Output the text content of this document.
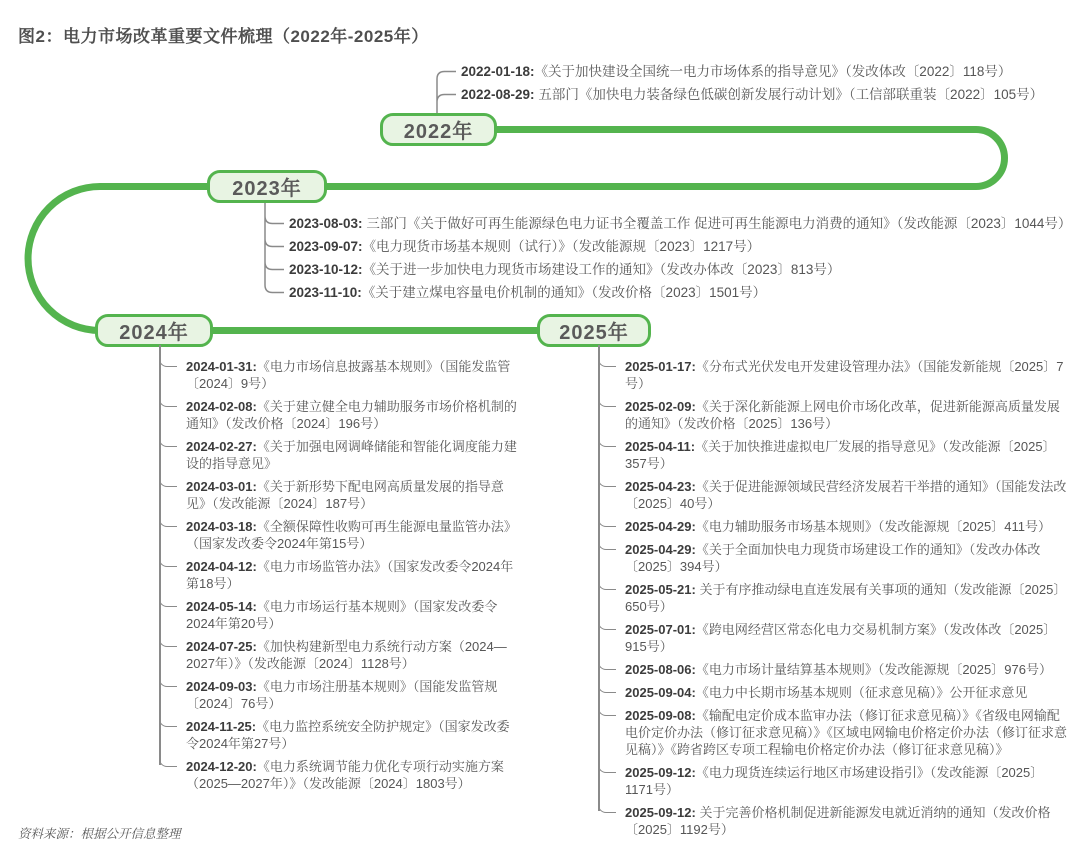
图2：电力市场改革重要文件梳理（2022年-2025年）
2022年
2023年
2024年	2025年
2022-01-18:《关于加快建设全国统一电力市场体系的指导意见》（发改体改〔2022〕118号）
2022-08-29: 五部门《加快电力装备绿色低碳创新发展行动计划》（工信部联重装〔2022〕105号）
2023-08-03: 三部门《关于做好可再生能源绿色电力证书全覆盖工作 促进可再生能源电力消费的通知》（发改能源〔2023〕1044号）
2023-09-07:《电力现货市场基本规则（试行）》（发改能源规〔2023〕1217号）
2023-10-12:《关于进一步加快电力现货市场建设工作的通知》（发改办体改〔2023〕813号）
2023-11-10:《关于建立煤电容量电价机制的通知》（发改价格〔2023〕1501号）
2024-01-31:《电力市场信息披露基本规则》（国能发监管〔2024〕9号）
2024-02-08:《关于建立健全电力辅助服务市场价格机制的通知》（发改价格〔2024〕196号）
2024-02-27:《关于加强电网调峰储能和智能化调度能力建设的指导意见》
2024-03-01:《关于新形势下配电网高质量发展的指导意见》（发改能源〔2024〕187号）
2024-03-18:《全额保障性收购可再生能源电量监管办法》（国家发改委令2024年第15号）
2024-04-12:《电力市场监管办法》（国家发改委令2024年第18号）
2024-05-14:《电力市场运行基本规则》（国家发改委令2024年第20号）
2024-07-25:《加快构建新型电力系统行动方案（2024—2027年）》（发改能源〔2024〕1128号）
2024-09-03:《电力市场注册基本规则》（国能发监管规〔2024〕76号）
2024-11-25:《电力监控系统安全防护规定》（国家发改委令2024年第27号）
2024-12-20:《电力系统调节能力优化专项行动实施方案（2025—2027年）》（发改能源〔2024〕1803号）
2025-01-17:《分布式光伏发电开发建设管理办法》（国能发新能规〔2025〕7号）
2025-02-09:《关于深化新能源上网电价市场化改革，促进新能源高质量发展的通知》（发改价格〔2025〕136号）
2025-04-11:《关于加快推进虚拟电厂发展的指导意见》（发改能源〔2025〕357号）
2025-04-23:《关于促进能源领域民营经济发展若干举措的通知》（国能发法改〔2025〕40号）
2025-04-29:《电力辅助服务市场基本规则》（发改能源规〔2025〕411号）
2025-04-29:《关于全面加快电力现货市场建设工作的通知》（发改办体改〔2025〕394号）
2025-05-21: 关于有序推动绿电直连发展有关事项的通知（发改能源〔2025〕650号）
2025-07-01:《跨电网经营区常态化电力交易机制方案》（发改体改〔2025〕915号）
2025-08-06:《电力市场计量结算基本规则》（发改能源规〔2025〕976号）
2025-09-04:《电力中长期市场基本规则（征求意见稿）》公开征求意见
2025-09-08:《输配电定价成本监审办法（修订征求意见稿）》《省级电网输配电价定价办法（修订征求意见稿）》《区域电网输电价格定价办法（修订征求意见稿）》《跨省跨区专项工程输电价格定价办法（修订征求意见稿）》
2025-09-12:《电力现货连续运行地区市场建设指引》（发改能源〔2025〕1171号）
2025-09-12: 关于完善价格机制促进新能源发电就近消纳的通知（发改价格〔2025〕1192号）
资料来源：根据公开信息整理
